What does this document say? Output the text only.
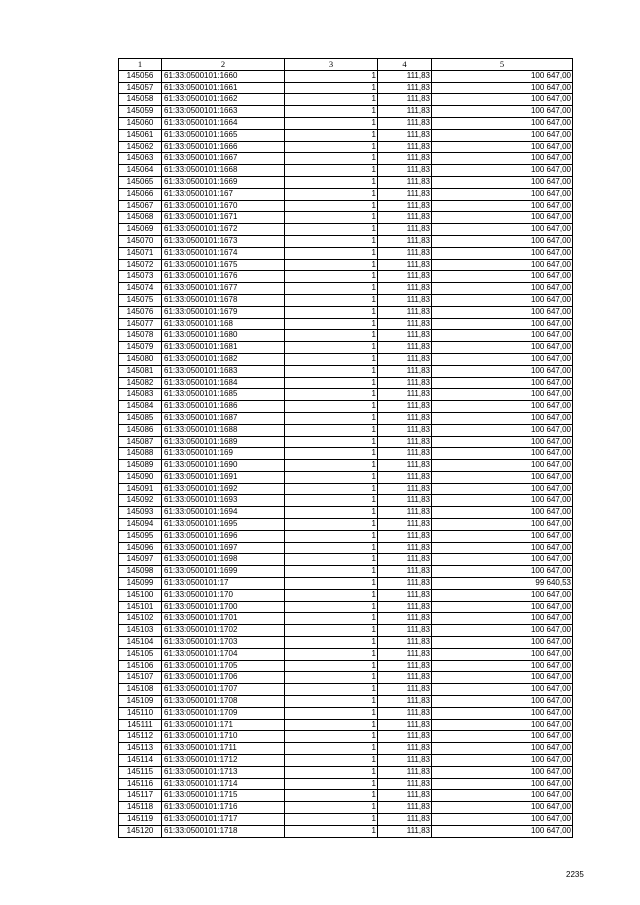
1	2	3	4	5
145056	61:33:0500101:1660	1	111,83	100 647,00
145057	61:33:0500101:1661	1	111,83	100 647,00
145058	61:33:0500101:1662	1	111,83	100 647,00
145059	61:33:0500101:1663	1	111,83	100 647,00
145060	61:33:0500101:1664	1	111,83	100 647,00
145061	61:33:0500101:1665	1	111,83	100 647,00
145062	61:33:0500101:1666	1	111,83	100 647,00
145063	61:33:0500101:1667	1	111,83	100 647,00
145064	61:33:0500101:1668	1	111,83	100 647,00
145065	61:33:0500101:1669	1	111,83	100 647,00
145066	61:33:0500101:167	1	111,83	100 647,00
145067	61:33:0500101:1670	1	111,83	100 647,00
145068	61:33:0500101:1671	1	111,83	100 647,00
145069	61:33:0500101:1672	1	111,83	100 647,00
145070	61:33:0500101:1673	1	111,83	100 647,00
145071	61:33:0500101:1674	1	111,83	100 647,00
145072	61:33:0500101:1675	1	111,83	100 647,00
145073	61:33:0500101:1676	1	111,83	100 647,00
145074	61:33:0500101:1677	1	111,83	100 647,00
145075	61:33:0500101:1678	1	111,83	100 647,00
145076	61:33:0500101:1679	1	111,83	100 647,00
145077	61:33:0500101:168	1	111,83	100 647,00
145078	61:33:0500101:1680	1	111,83	100 647,00
145079	61:33:0500101:1681	1	111,83	100 647,00
145080	61:33:0500101:1682	1	111,83	100 647,00
145081	61:33:0500101:1683	1	111,83	100 647,00
145082	61:33:0500101:1684	1	111,83	100 647,00
145083	61:33:0500101:1685	1	111,83	100 647,00
145084	61:33:0500101:1686	1	111,83	100 647,00
145085	61:33:0500101:1687	1	111,83	100 647,00
145086	61:33:0500101:1688	1	111,83	100 647,00
145087	61:33:0500101:1689	1	111,83	100 647,00
145088	61:33:0500101:169	1	111,83	100 647,00
145089	61:33:0500101:1690	1	111,83	100 647,00
145090	61:33:0500101:1691	1	111,83	100 647,00
145091	61:33:0500101:1692	1	111,83	100 647,00
145092	61:33:0500101:1693	1	111,83	100 647,00
145093	61:33:0500101:1694	1	111,83	100 647,00
145094	61:33:0500101:1695	1	111,83	100 647,00
145095	61:33:0500101:1696	1	111,83	100 647,00
145096	61:33:0500101:1697	1	111,83	100 647,00
145097	61:33:0500101:1698	1	111,83	100 647,00
145098	61:33:0500101:1699	1	111,83	100 647,00
145099	61:33:0500101:17	1	111,83	99 640,53
145100	61:33:0500101:170	1	111,83	100 647,00
145101	61:33:0500101:1700	1	111,83	100 647,00
145102	61:33:0500101:1701	1	111,83	100 647,00
145103	61:33:0500101:1702	1	111,83	100 647,00
145104	61:33:0500101:1703	1	111,83	100 647,00
145105	61:33:0500101:1704	1	111,83	100 647,00
145106	61:33:0500101:1705	1	111,83	100 647,00
145107	61:33:0500101:1706	1	111,83	100 647,00
145108	61:33:0500101:1707	1	111,83	100 647,00
145109	61:33:0500101:1708	1	111,83	100 647,00
145110	61:33:0500101:1709	1	111,83	100 647,00
145111	61:33:0500101:171	1	111,83	100 647,00
145112	61:33:0500101:1710	1	111,83	100 647,00
145113	61:33:0500101:1711	1	111,83	100 647,00
145114	61:33:0500101:1712	1	111,83	100 647,00
145115	61:33:0500101:1713	1	111,83	100 647,00
145116	61:33:0500101:1714	1	111,83	100 647,00
145117	61:33:0500101:1715	1	111,83	100 647,00
145118	61:33:0500101:1716	1	111,83	100 647,00
145119	61:33:0500101:1717	1	111,83	100 647,00
145120	61:33:0500101:1718	1	111,83	100 647,00
2235
